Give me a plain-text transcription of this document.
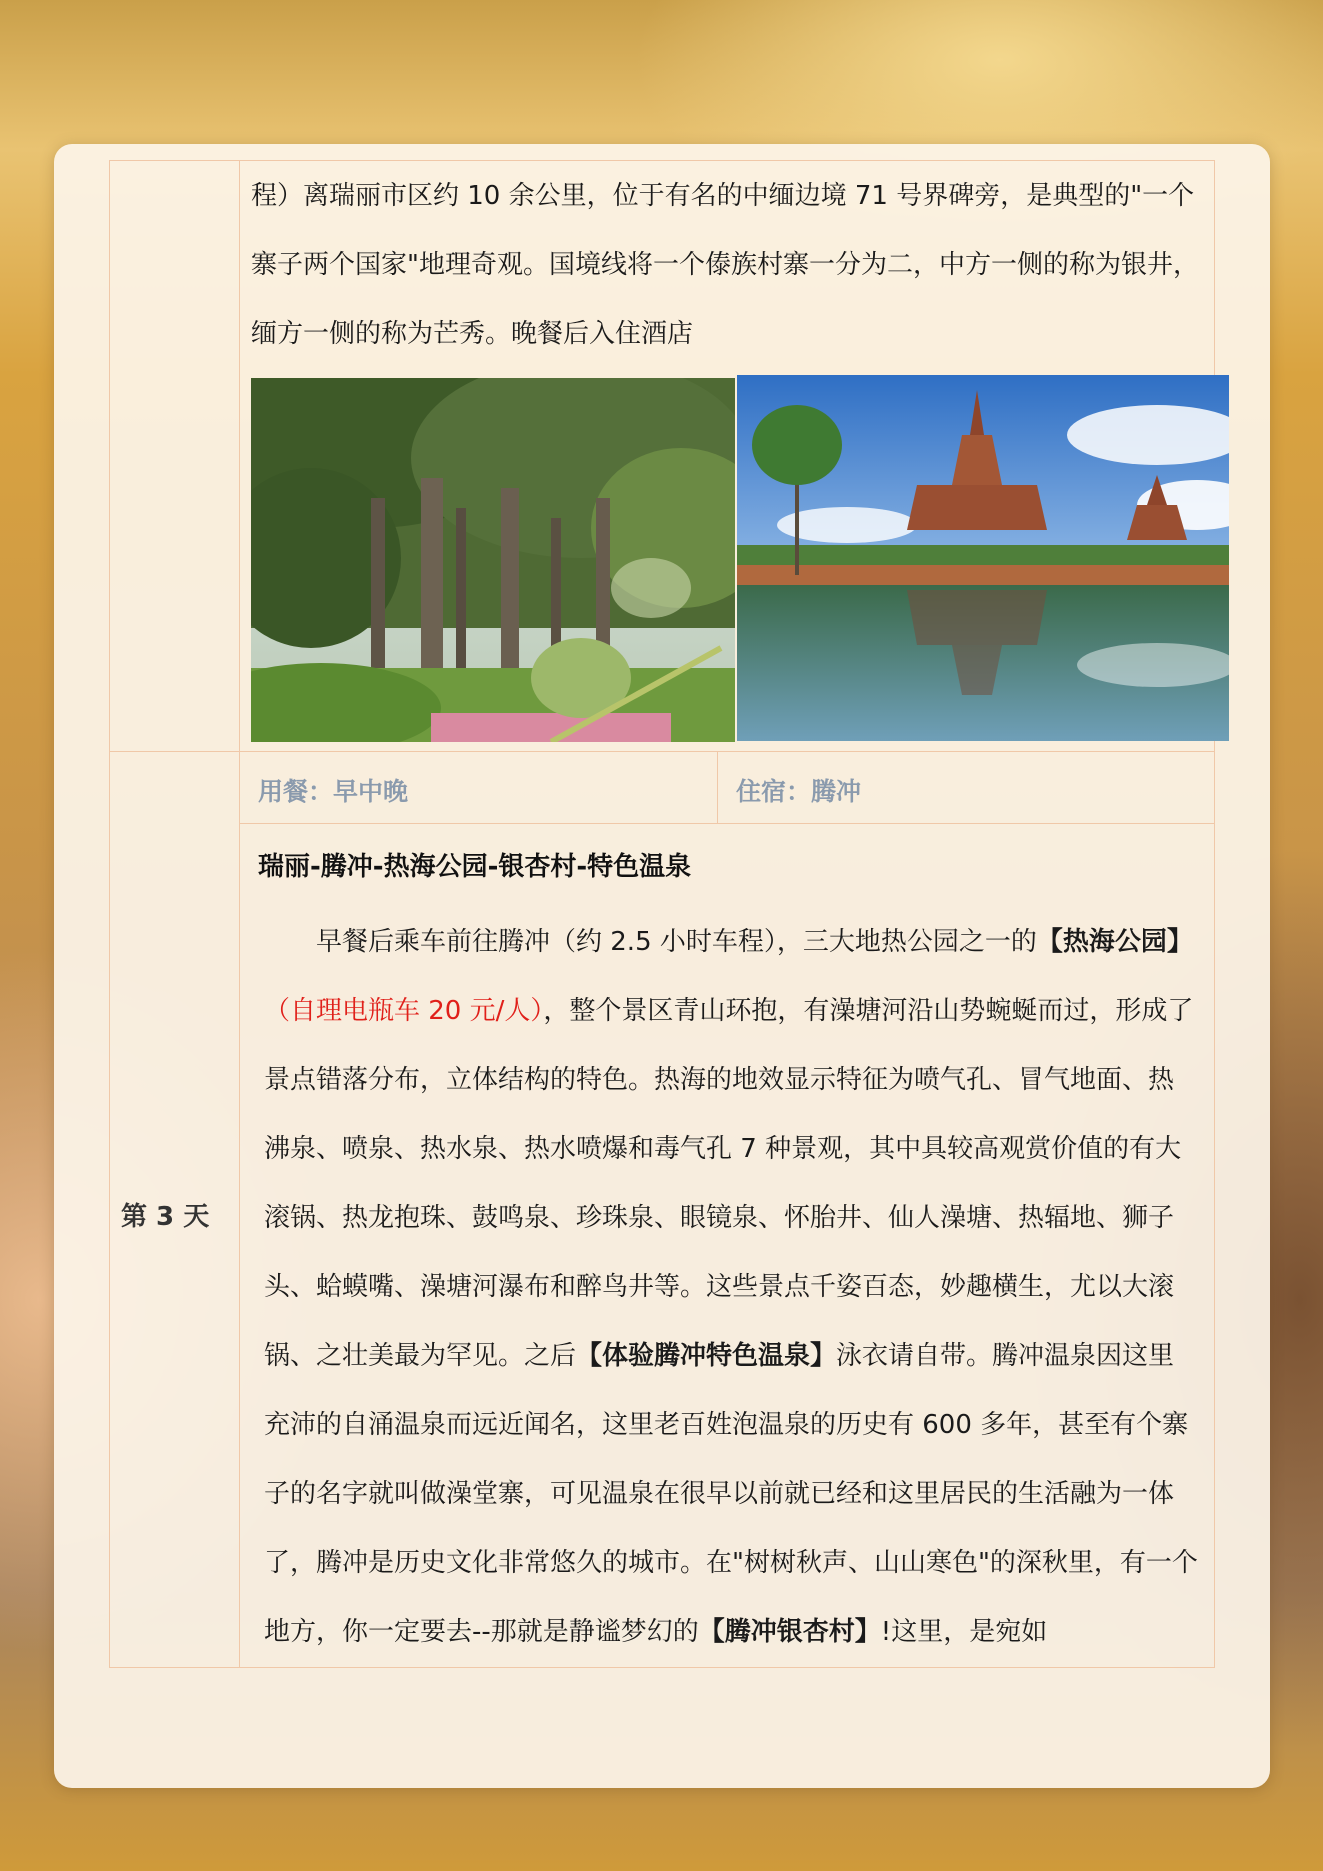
程）离瑞丽市区约 10 余公里，位于有名的中缅边境 71 号界碑旁，是典型的"一个寨子两个国家"地理奇观。国境线将一个傣族村寨一分为二，中方一侧的称为银井，缅方一侧的称为芒秀。晚餐后入住酒店
用餐：早中晚	住宿：腾冲
瑞丽-腾冲-热海公园-银杏村-特色温泉
第 3 天
早餐后乘车前往腾冲（约 2.5 小时车程），三大地热公园之一的【热海公园】（自理电瓶车 20 元/人），整个景区青山环抱，有澡塘河沿山势蜿蜒而过，形成了景点错落分布，立体结构的特色。热海的地效显示特征为喷气孔、冒气地面、热沸泉、喷泉、热水泉、热水喷爆和毒气孔 7 种景观，其中具较高观赏价值的有大滚锅、热龙抱珠、鼓鸣泉、珍珠泉、眼镜泉、怀胎井、仙人澡塘、热辐地、狮子头、蛤蟆嘴、澡塘河瀑布和醉鸟井等。这些景点千姿百态，妙趣横生，尤以大滚锅、之壮美最为罕见。之后【体验腾冲特色温泉】泳衣请自带。腾冲温泉因这里充沛的自涌温泉而远近闻名，这里老百姓泡温泉的历史有 600 多年，甚至有个寨子的名字就叫做澡堂寨，可见温泉在很早以前就已经和这里居民的生活融为一体了，腾冲是历史文化非常悠久的城市。在"树树秋声、山山寒色"的深秋里，有一个地方，你一定要去--那就是静谧梦幻的【腾冲银杏村】!这里，是宛如
